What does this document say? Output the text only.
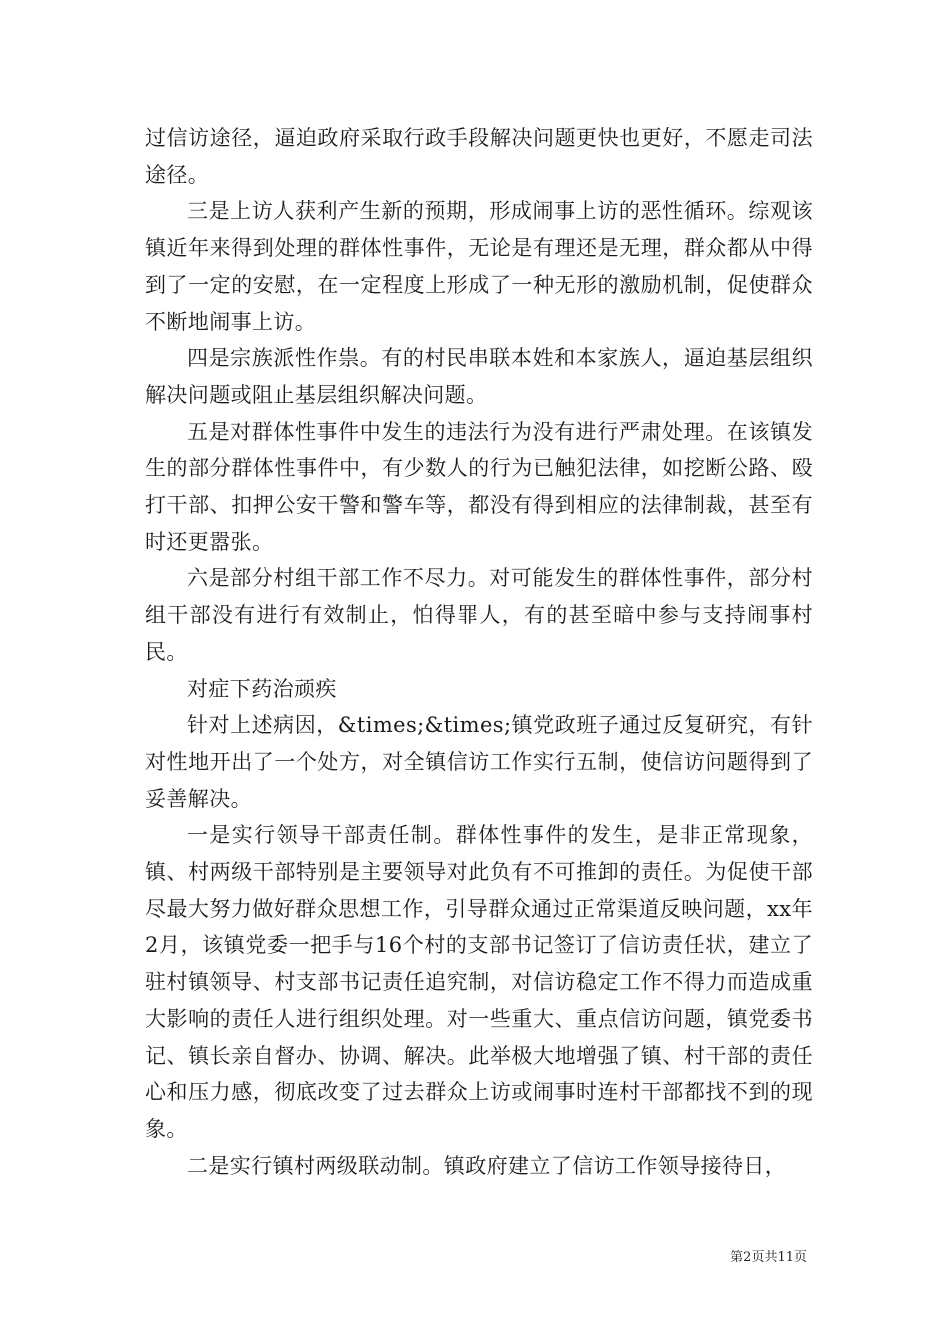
过信访途径，逼迫政府采取行政手段解决问题更快也更好，不愿走司法途径。

三是上访人获利产生新的预期，形成闹事上访的恶性循环。综观该镇近年来得到处理的群体性事件，无论是有理还是无理，群众都从中得到了一定的安慰，在一定程度上形成了一种无形的激励机制，促使群众不断地闹事上访。

四是宗族派性作祟。有的村民串联本姓和本家族人，逼迫基层组织解决问题或阻止基层组织解决问题。

五是对群体性事件中发生的违法行为没有进行严肃处理。在该镇发生的部分群体性事件中，有少数人的行为已触犯法律，如挖断公路、殴打干部、扣押公安干警和警车等，都没有得到相应的法律制裁，甚至有时还更嚣张。

六是部分村组干部工作不尽力。对可能发生的群体性事件，部分村组干部没有进行有效制止，怕得罪人，有的甚至暗中参与支持闹事村民。

对症下药治顽疾

针对上述病因，&times;&times;镇党政班子通过反复研究，有针对性地开出了一个处方，对全镇信访工作实行五制，使信访问题得到了妥善解决。

一是实行领导干部责任制。群体性事件的发生，是非正常现象，镇、村两级干部特别是主要领导对此负有不可推卸的责任。为促使干部尽最大努力做好群众思想工作，引导群众通过正常渠道反映问题，xx年2月，该镇党委一把手与16个村的支部书记签订了信访责任状，建立了驻村镇领导、村支部书记责任追究制，对信访稳定工作不得力而造成重大影响的责任人进行组织处理。对一些重大、重点信访问题，镇党委书记、镇长亲自督办、协调、解决。此举极大地增强了镇、村干部的责任心和压力感，彻底改变了过去群众上访或闹事时连村干部都找不到的现象。

二是实行镇村两级联动制。镇政府建立了信访工作领导接待日，

第2页共11页
